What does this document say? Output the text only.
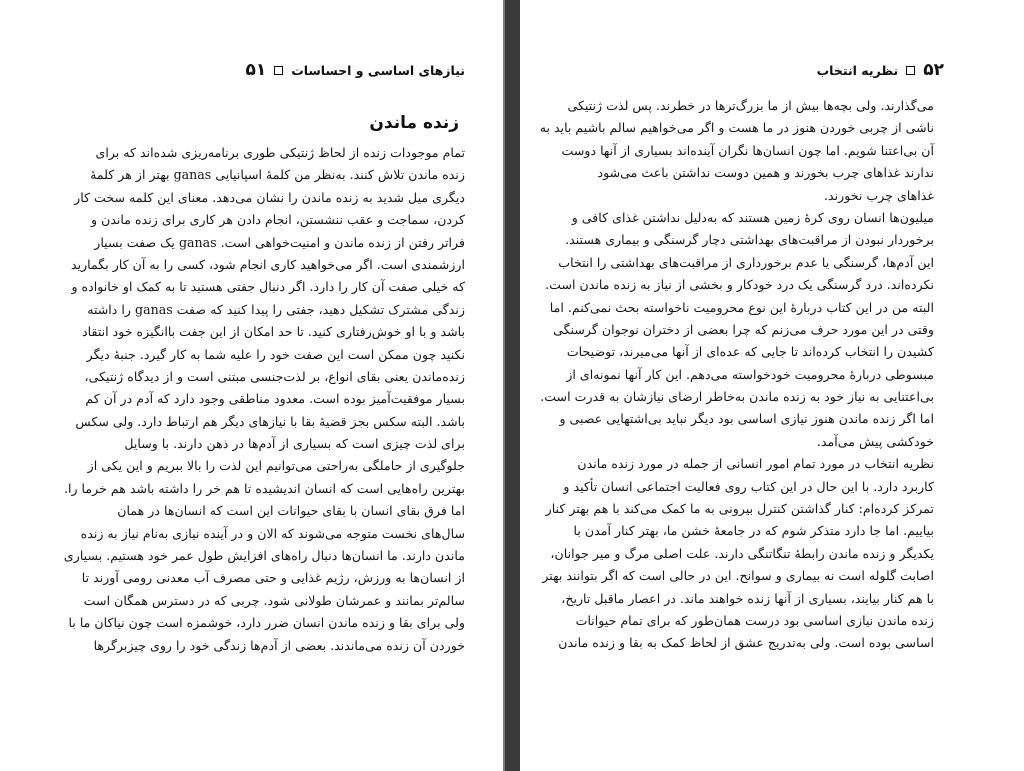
نیازهای اساسی و احساسات
۵۱
زنده ماندن
تمام موجودات زنده از لحاظ ژنتیکی طوری برنامه‌ریزی شده‌اند که برای
زنده ماندن تلاش کنند. به‌نظر من کلمهٔ اسپانیایی ganas بهتر از هر کلمهٔ
دیگری میل شدید به زنده ماندن را نشان می‌دهد. معنای این کلمه سخت کار
کردن، سماجت و عقب ننشستن، انجام دادن هر کاری برای زنده ماندن و
فراتر رفتن از زنده ماندن و امنیت‌خواهی است. ganas یک صفت بسیار
ارزشمندی است. اگر می‌خواهید کاری انجام شود، کسی را به آن کار بگمارید
که خیلی صفت آن کار را دارد. اگر دنبال جفتی هستید تا به کمک او خانواده و
زندگی مشترک تشکیل دهید، جفتی را پیدا کنید که صفت ganas را داشته
باشد و با او خوش‌رفتاری کنید. تا حد امکان از این جفت باانگیزه خود انتقاد
نکنید چون ممکن است این صفت خود را علیه شما به کار گیرد. جنبهٔ دیگر
زنده‌ماندن یعنی بقای انواع، بر لذت‌جنسی مبتنی است و از دیدگاه ژنتیکی،
بسیار موفقیت‌آمیز بوده است. معدود مناطقی وجود دارد که آدم در آن کم
باشد. البته سکس بجز قضیهٔ بقا با نیازهای دیگر هم ارتباط دارد. ولی سکس
برای لذت چیزی است که بسیاری از آدم‌ها در ذهن دارند. با وسایل
جلوگیری از حاملگی به‌راحتی می‌توانیم این لذت را بالا ببریم و این یکی از
بهترین راه‌هایی است که انسان اندیشیده تا هم خر را داشته باشد هم خرما را.
اما فرق بقای انسان با بقای حیوانات این است که انسان‌ها در همان
سال‌های نخست متوجه می‌شوند که الان و در آینده نیازی به‌نام نیاز به زنده
ماندن دارند. ما انسان‌ها دنبال راه‌های افزایش طول عمر خود هستیم. بسیاری
از انسان‌ها به ورزش، رژیم غذایی و حتی مصرف آب معدنی رومی آورند تا
سالم‌تر بمانند و عمرشان طولانی شود. چربی که در دسترس همگان است
ولی برای بقا و زنده ماندن انسان ضرر دارد، خوشمزه است چون نیاکان ما با
خوردن آن زنده می‌ماندند. بعضی از آدم‌ها زندگی خود را روی چیزبرگرها
۵۲
نظریه انتخاب
می‌گذارند. ولی بچه‌ها بیش از ما بزرگ‌ترها در خطرند. پس لذت ژنتیکی
ناشی از چربی خوردن هنوز در ما هست و اگر می‌خواهیم سالم باشیم باید به
آن بی‌اعتنا شویم. اما چون انسان‌ها نگران آینده‌اند بسیاری از آنها دوست
ندارند غذاهای چرب بخورند و همین دوست نداشتن باعث می‌شود
غذاهای چرب نخورند.
میلیون‌ها انسان روی کرهٔ زمین هستند که به‌دلیل نداشتن غذای کافی و
برخوردار نبودن از مراقبت‌های بهداشتی دچار گرسنگی و بیماری هستند.
این آدم‌ها، گرسنگی یا عدم برخورداری از مراقبت‌های بهداشتی را انتخاب
نکرده‌اند. درد گرسنگی یک درد خودکار و بخشی از نیاز به زنده ماندن است.
البته من در این کتاب دربارهٔ این نوع محرومیت ناخواسته بحث نمی‌کنم. اما
وقتی در این مورد حرف می‌زنم که چرا بعضی از دختران نوجوان گرسنگی
کشیدن را انتخاب کرده‌اند تا جایی که عده‌ای از آنها می‌میرند، توضیحات
مبسوطی دربارهٔ محرومیت خودخواسته می‌دهم. این کار آنها نمونه‌ای از
بی‌اعتنایی به نیاز خود به زنده ماندن به‌خاطر ارضای نیازشان به قدرت است.
اما اگر زنده ماندن هنوز نیازی اساسی بود دیگر نباید بی‌اشتهایی عصبی و
خودکشی پیش می‌آمد.
نظریه انتخاب در مورد تمام امور انسانی از جمله در مورد زنده ماندن
کاربرد دارد. با این حال در این کتاب روی فعالیت اجتماعی انسان تأکید و
تمرکز کرده‌ام: کنار گذاشتن کنترل بیرونی به ما کمک می‌کند با هم بهتر کنار
بیاییم. اما جا دارد متذکر شوم که در جامعهٔ خشن ما، بهتر کنار آمدن با
یکدیگر و زنده ماندن رابطهٔ تنگاتنگی دارند. علت اصلی مرگ و میر جوانان،
اصابت گلوله است نه بیماری و سوانح. این در حالی است که اگر بتوانند بهتر
با هم کنار بیایند، بسیاری از آنها زنده خواهند ماند. در اعصار ماقبل تاریخ،
زنده ماندن نیازی اساسی بود درست همان‌طور که برای تمام حیوانات
اساسی بوده است. ولی به‌تدریج عشق از لحاظ کمک به بقا و زنده ماندن
